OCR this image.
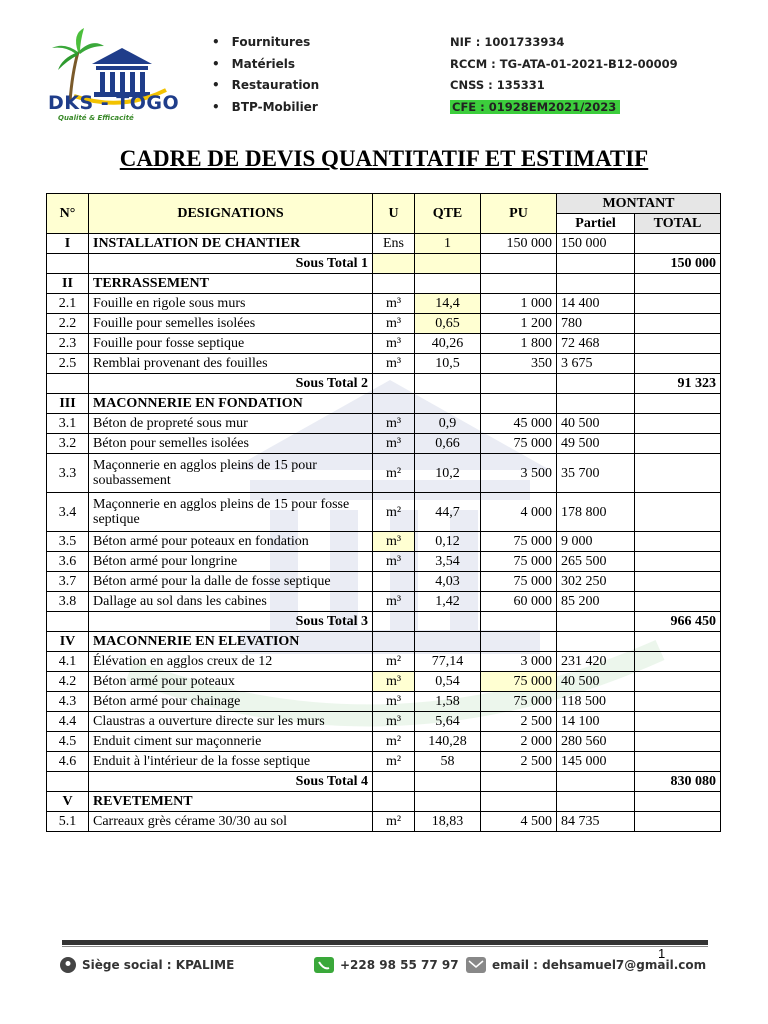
DKS - TOGO
Qualité & Efficacité
• Fournitures
• Matériels
• Restauration
• BTP-Mobilier
NIF : 1001733934
RCCM : TG-ATA-01-2021-B12-00009
CNSS : 135331
CFE : 01928EM2021/2023
CADRE DE DEVIS QUANTITATIF ET ESTIMATIF
N°	DESIGNATIONS	U	QTE	PU	MONTANT	
					Partiel	TOTAL
I	INSTALLATION DE CHANTIER	Ens	1	150 000	150 000	
	Sous Total 1					150 000
II	TERRASSEMENT					
2.1	Fouille en rigole sous murs	m³	14,4	1 000	14 400	
2.2	Fouille pour semelles isolées	m³	0,65	1 200	780	
2.3	Fouille pour fosse septique	m³	40,26	1 800	72 468	
2.5	Remblai provenant des fouilles	m³	10,5	350	3 675	
	Sous Total 2					91 323
III	MACONNERIE EN FONDATION					
3.1	Béton de propreté sous mur	m³	0,9	45 000	40 500	
3.2	Béton pour semelles isolées	m³	0,66	75 000	49 500	
3.3	Maçonnerie en agglos pleins de 15 pour soubassement	m²	10,2	3 500	35 700	
3.4	Maçonnerie en agglos pleins de 15 pour fosse septique	m²	44,7	4 000	178 800	
3.5	Béton armé pour poteaux en fondation	m³	0,12	75 000	9 000	
3.6	Béton armé pour longrine	m³	3,54	75 000	265 500	
3.7	Béton armé pour la dalle de fosse septique		4,03	75 000	302 250	
3.8	Dallage au sol dans les cabines	m³	1,42	60 000	85 200	
	Sous Total 3					966 450
IV	MACONNERIE EN ELEVATION					
4.1	Élévation en agglos creux de 12	m²	77,14	3 000	231 420	
4.2	Béton armé pour poteaux	m³	0,54	75 000	40 500	
4.3	Béton armé pour chainage	m³	1,58	75 000	118 500	
4.4	Claustras a ouverture directe sur les murs	m³	5,64	2 500	14 100	
4.5	Enduit ciment sur maçonnerie	m²	140,28	2 000	280 560	
4.6	Enduit à l'intérieur de la fosse septique	m²	58	2 500	145 000	
	Sous Total 4					830 080
V	REVETEMENT					
5.1	Carreaux grès cérame 30/30 au sol	m²	18,83	4 500	84 735	
1
Siège social : KPALIME	+228 98 55 77 97	email : dehsamuel7@gmail.com
